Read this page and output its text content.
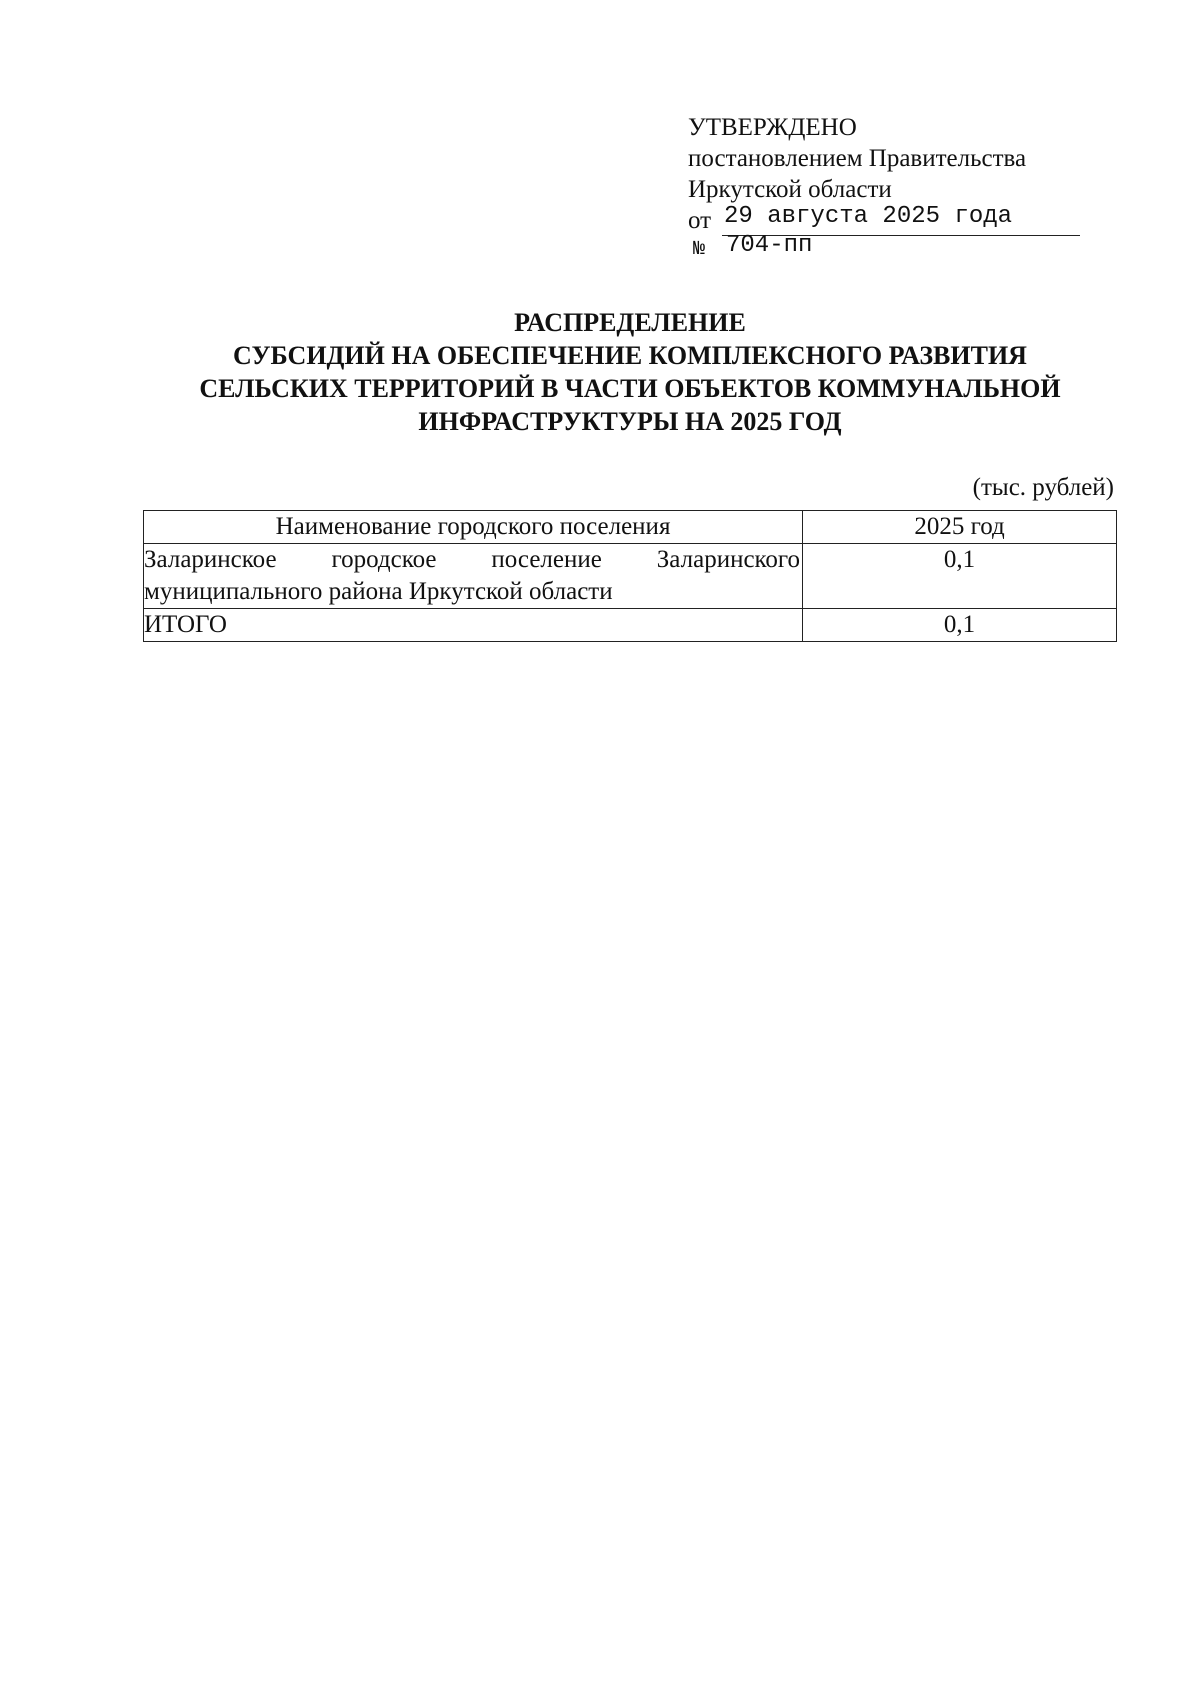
УТВЕРЖДЕНО
постановлением Правительства
Иркутской области
от 29 августа 2025 года
№ 704-пп
РАСПРЕДЕЛЕНИЕ
СУБСИДИЙ НА ОБЕСПЕЧЕНИЕ КОМПЛЕКСНОГО РАЗВИТИЯ
СЕЛЬСКИХ ТЕРРИТОРИЙ В ЧАСТИ ОБЪЕКТОВ КОММУНАЛЬНОЙ
ИНФРАСТРУКТУРЫ НА 2025 ГОД
(тыс. рублей)
Наименование городского поселения	2025 год
Заларинское городское поселение Заларинского муниципального района Иркутской области	0,1
ИТОГО	0,1
